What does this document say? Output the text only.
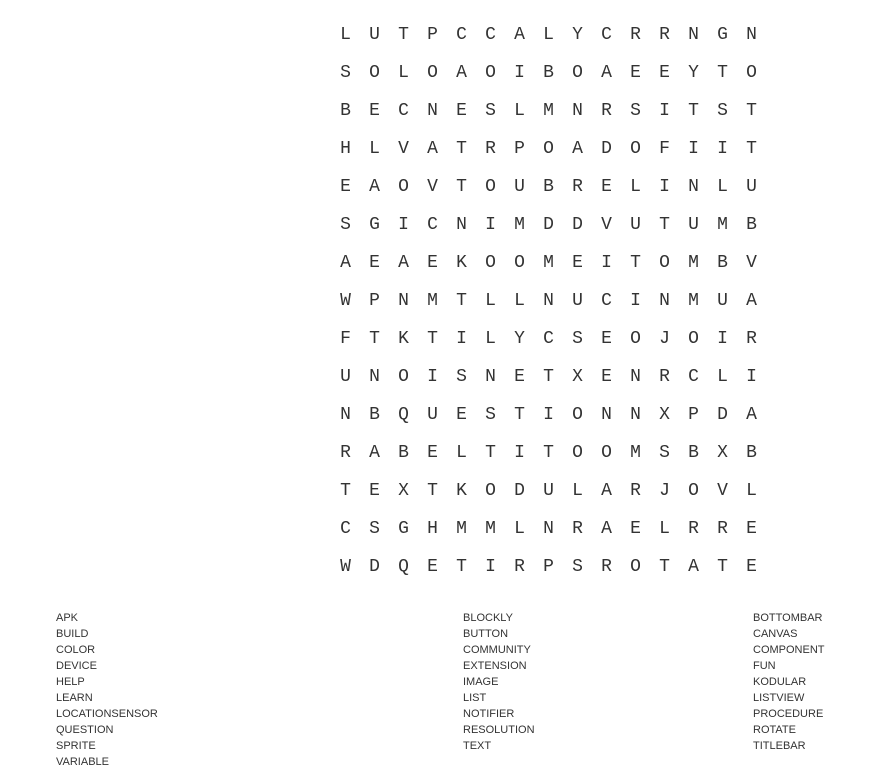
L	U	T	P	C	C	A	L	Y	C	R	R	N	G	N
S	O	L	O	A	O	I	B	O	A	E	E	Y	T	O
B	E	C	N	E	S	L	M	N	R	S	I	T	S	T
H	L	V	A	T	R	P	O	A	D	O	F	I	I	T
E	A	O	V	T	O	U	B	R	E	L	I	N	L	U
S	G	I	C	N	I	M	D	D	V	U	T	U	M	B
A	E	A	E	K	O	O	M	E	I	T	O	M	B	V
W	P	N	M	T	L	L	N	U	C	I	N	M	U	A
F	T	K	T	I	L	Y	C	S	E	O	J	O	I	R
U	N	O	I	S	N	E	T	X	E	N	R	C	L	I
N	B	Q	U	E	S	T	I	O	N	N	X	P	D	A
R	A	B	E	L	T	I	T	O	O	M	S	B	X	B
T	E	X	T	K	O	D	U	L	A	R	J	O	V	L
C	S	G	H	M	M	L	N	R	A	E	L	R	R	E
W	D	Q	E	T	I	R	P	S	R	O	T	A	T	E
APK
BUILD
COLOR
DEVICE
HELP
LEARN
LOCATIONSENSOR
QUESTION
SPRITE
VARIABLE
BLOCKLY
BUTTON
COMMUNITY
EXTENSION
IMAGE
LIST
NOTIFIER
RESOLUTION
TEXT
BOTTOMBAR
CANVAS
COMPONENT
FUN
KODULAR
LISTVIEW
PROCEDURE
ROTATE
TITLEBAR
